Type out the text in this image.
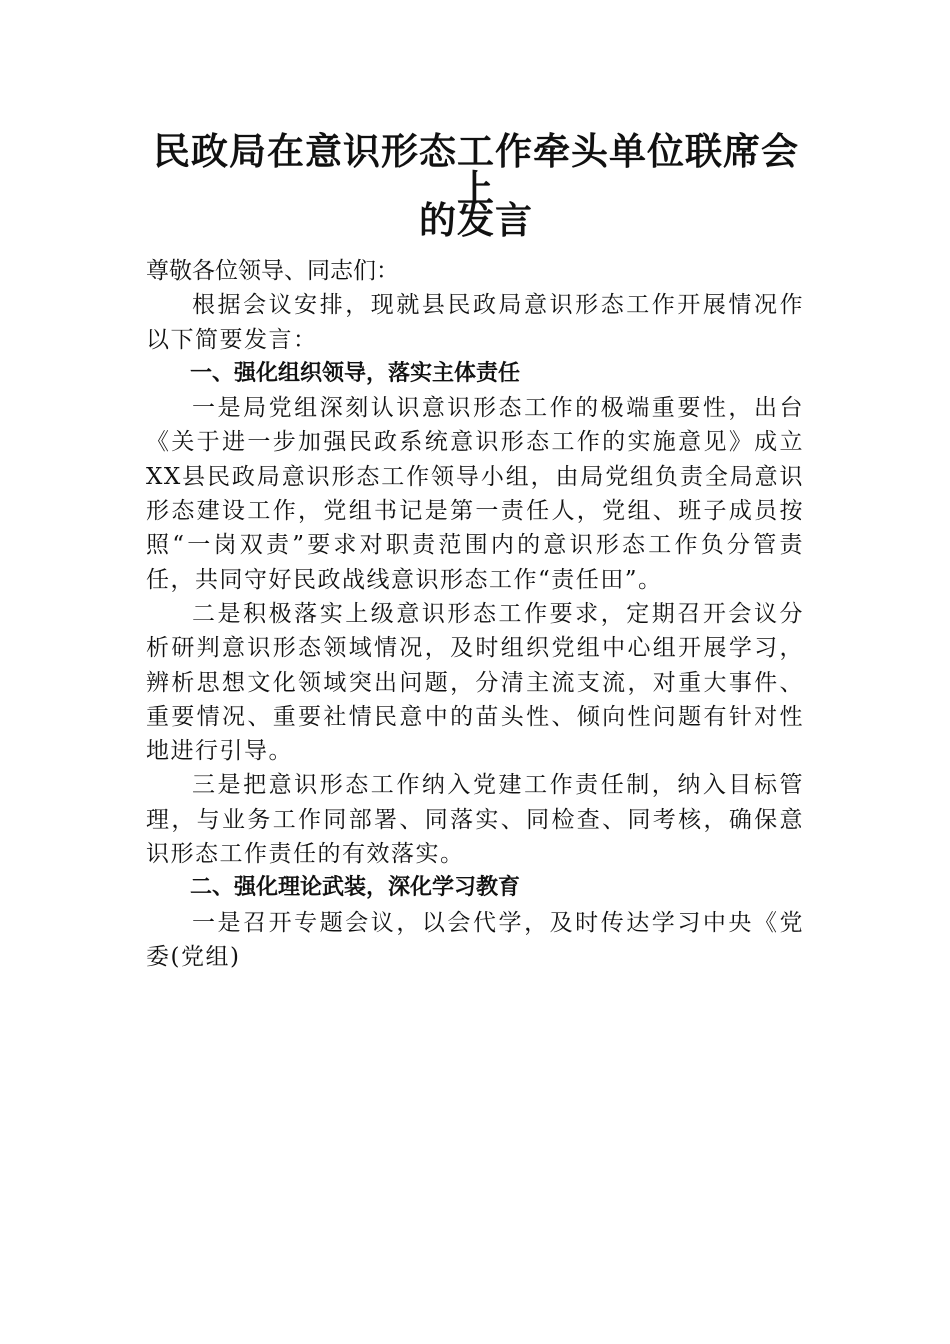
民政局在意识形态工作牵头单位联席会上
的发言

尊敬各位领导、同志们：

根据会议安排，现就县民政局意识形态工作开展情况作以下简要发言：

一、强化组织领导，落实主体责任

一是局党组深刻认识意识形态工作的极端重要性，出台《关于进一步加强民政系统意识形态工作的实施意见》成立XX县民政局意识形态工作领导小组，由局党组负责全局意识形态建设工作，党组书记是第一责任人，党组、班子成员按照“一岗双责”要求对职责范围内的意识形态工作负分管责任，共同守好民政战线意识形态工作“责任田”。

二是积极落实上级意识形态工作要求，定期召开会议分析研判意识形态领域情况，及时组织党组中心组开展学习，辨析思想文化领域突出问题，分清主流支流，对重大事件、重要情况、重要社情民意中的苗头性、倾向性问题有针对性地进行引导。

三是把意识形态工作纳入党建工作责任制，纳入目标管理，与业务工作同部署、同落实、同检查、同考核，确保意识形态工作责任的有效落实。

二、强化理论武装，深化学习教育

一是召开专题会议，以会代学，及时传达学习中央《党委(党组)
